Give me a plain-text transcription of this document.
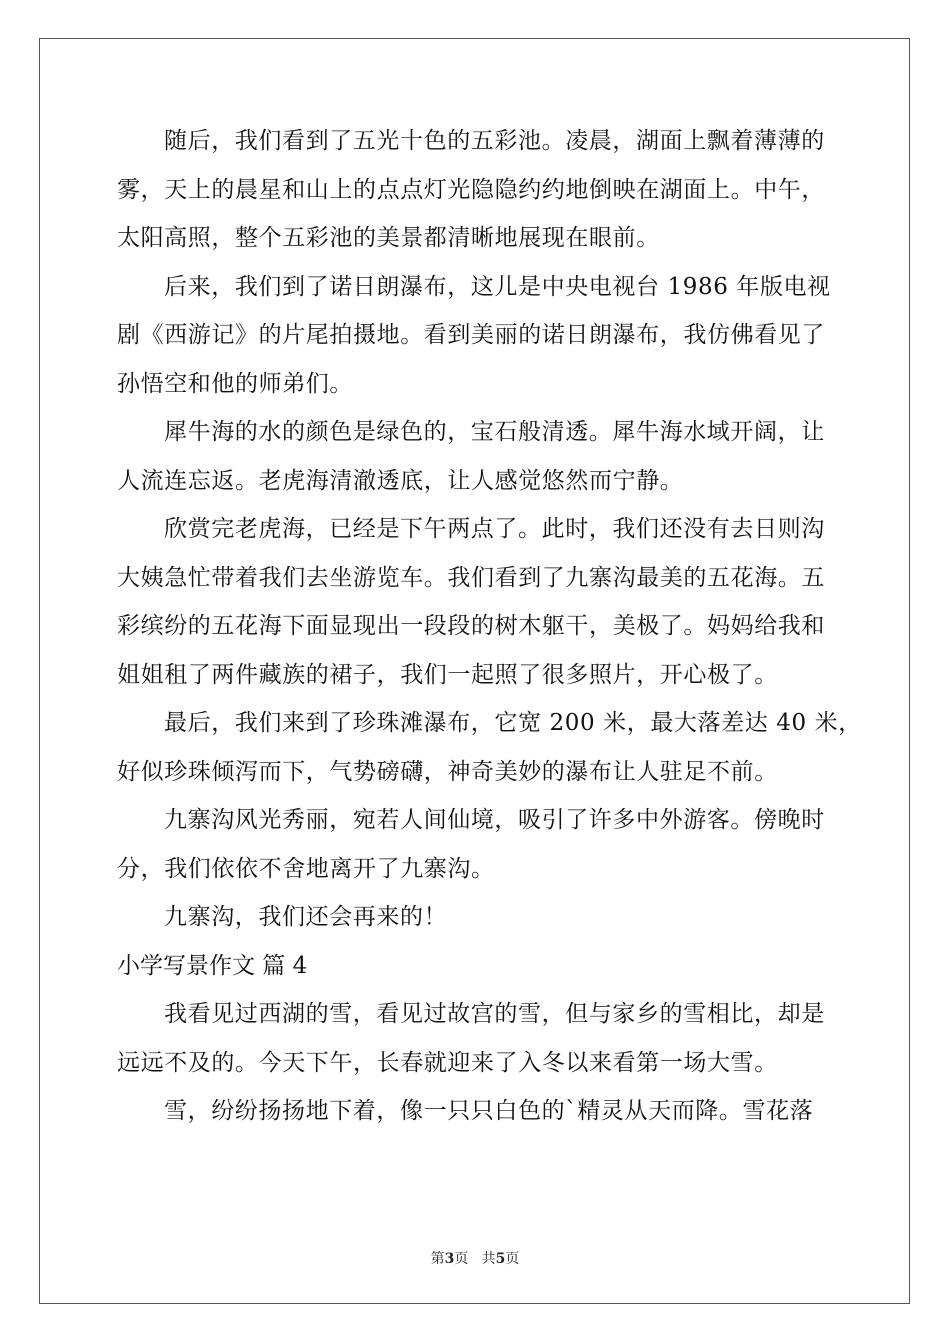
随后，我们看到了五光十色的五彩池。凌晨，湖面上飘着薄薄的
雾，天上的晨星和山上的点点灯光隐隐约约地倒映在湖面上。中午，
太阳高照，整个五彩池的美景都清晰地展现在眼前。
后来，我们到了诺日朗瀑布，这儿是中央电视台 1986 年版电视
剧《西游记》的片尾拍摄地。看到美丽的诺日朗瀑布，我仿佛看见了
孙悟空和他的师弟们。
犀牛海的水的颜色是绿色的，宝石般清透。犀牛海水域开阔，让
人流连忘返。老虎海清澈透底，让人感觉悠然而宁静。
欣赏完老虎海，已经是下午两点了。此时，我们还没有去日则沟
大姨急忙带着我们去坐游览车。我们看到了九寨沟最美的五花海。五
彩缤纷的五花海下面显现出一段段的树木躯干，美极了。妈妈给我和
姐姐租了两件藏族的裙子，我们一起照了很多照片，开心极了。
最后，我们来到了珍珠滩瀑布，它宽 200 米，最大落差达 40 米，
好似珍珠倾泻而下，气势磅礴，神奇美妙的瀑布让人驻足不前。
九寨沟风光秀丽，宛若人间仙境，吸引了许多中外游客。傍晚时
分，我们依依不舍地离开了九寨沟。
九寨沟，我们还会再来的！
小学写景作文 篇 4
我看见过西湖的雪，看见过故宫的雪，但与家乡的雪相比，却是
远远不及的。今天下午，长春就迎来了入冬以来看第一场大雪。
雪，纷纷扬扬地下着，像一只只白色的`精灵从天而降。雪花落
第3页   共5页
